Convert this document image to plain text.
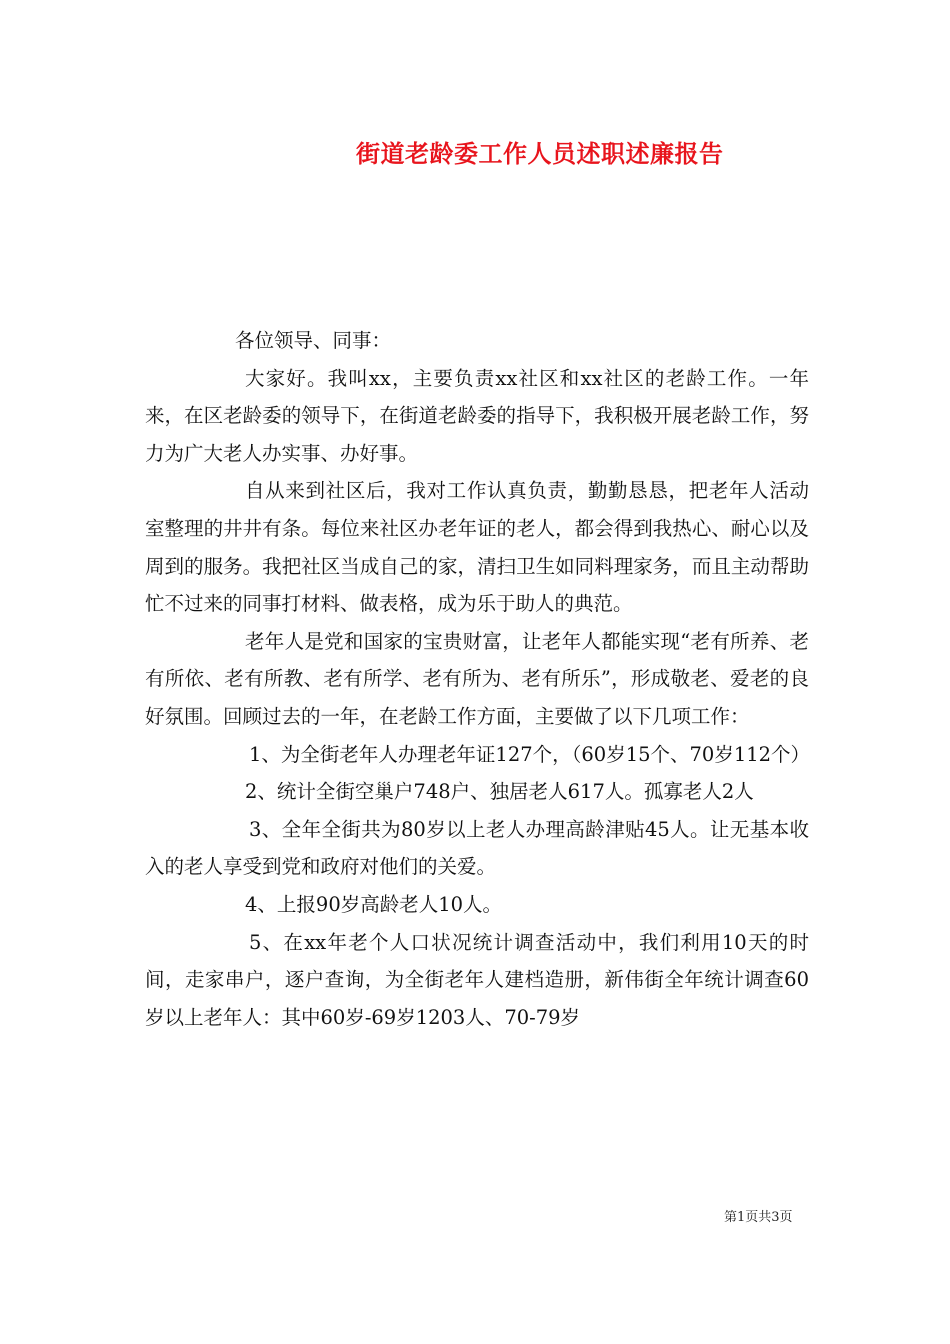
街道老龄委工作人员述职述廉报告

各位领导、同事：

大家好。我叫xx，主要负责xx社区和xx社区的老龄工作。一年来，在区老龄委的领导下，在街道老龄委的指导下，我积极开展老龄工作，努力为广大老人办实事、办好事。

自从来到社区后，我对工作认真负责，勤勤恳恳，把老年人活动室整理的井井有条。每位来社区办老年证的老人，都会得到我热心、耐心以及周到的服务。我把社区当成自己的家，清扫卫生如同料理家务，而且主动帮助忙不过来的同事打材料、做表格，成为乐于助人的典范。

老年人是党和国家的宝贵财富，让老年人都能实现“老有所养、老有所依、老有所教、老有所学、老有所为、老有所乐”，形成敬老、爱老的良好氛围。回顾过去的一年，在老龄工作方面，主要做了以下几项工作：

1、为全街老年人办理老年证127个，（60岁15个、70岁112个）

2、统计全街空巢户748户、独居老人617人。孤寡老人2人

3、全年全街共为80岁以上老人办理高龄津贴45人。让无基本收入的老人享受到党和政府对他们的关爱。

4、上报90岁高龄老人10人。

5、在xx年老个人口状况统计调查活动中，我们利用10天的时间，走家串户，逐户查询，为全街老年人建档造册，新伟街全年统计调查60岁以上老年人：其中60岁-69岁1203人、70-79岁

第1页共3页
